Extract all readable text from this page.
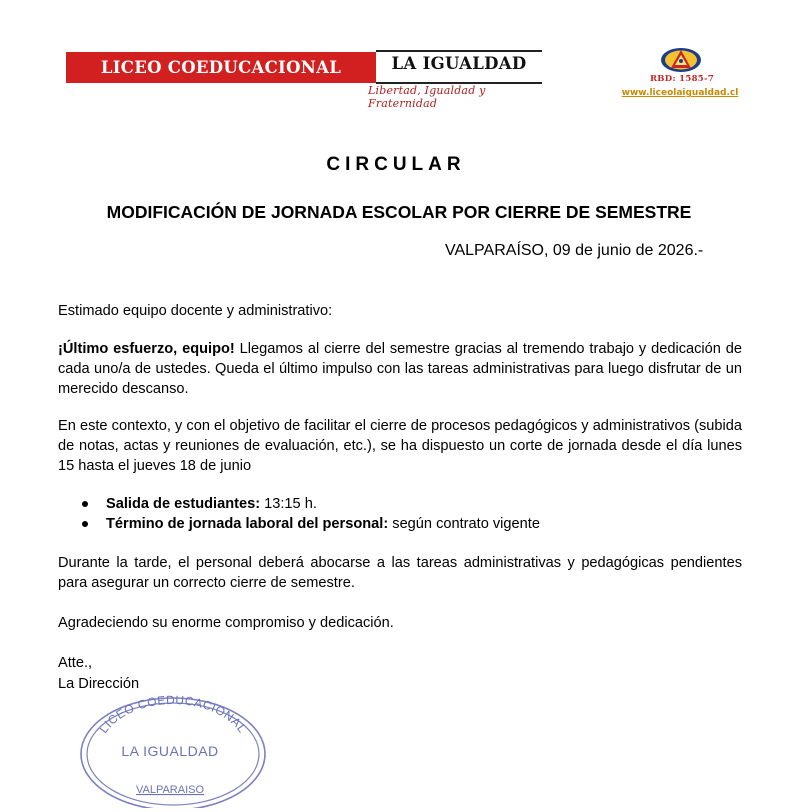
LICEO COEDUCACIONAL	LA IGUALDAD
Libertad, Igualdad y Fraternidad
RBD: 1585-7
www.liceolaigualdad.cl
CIRCULAR
MODIFICACIÓN DE JORNADA ESCOLAR POR CIERRE DE SEMESTRE
VALPARAÍSO, 09 de junio de 2026.-
Estimado equipo docente y administrativo:
¡Último esfuerzo, equipo! Llegamos al cierre del semestre gracias al tremendo trabajo y dedicación de cada uno/a de ustedes. Queda el último impulso con las tareas administrativas para luego disfrutar de un merecido descanso.
En este contexto, y con el objetivo de facilitar el cierre de procesos pedagógicos y administrativos (subida de notas, actas y reuniones de evaluación, etc.), se ha dispuesto un corte de jornada desde el día lunes 15 hasta el jueves 18 de junio
Salida de estudiantes: 13:15 h.
Término de jornada laboral del personal: según contrato vigente
Durante la tarde, el personal deberá abocarse a las tareas administrativas y pedagógicas pendientes para asegurar un correcto cierre de semestre.
Agradeciendo su enorme compromiso y dedicación.
Atte.,
La Dirección
LICEO COEDUCACIONAL
LA IGUALDAD
VALPARAISO
